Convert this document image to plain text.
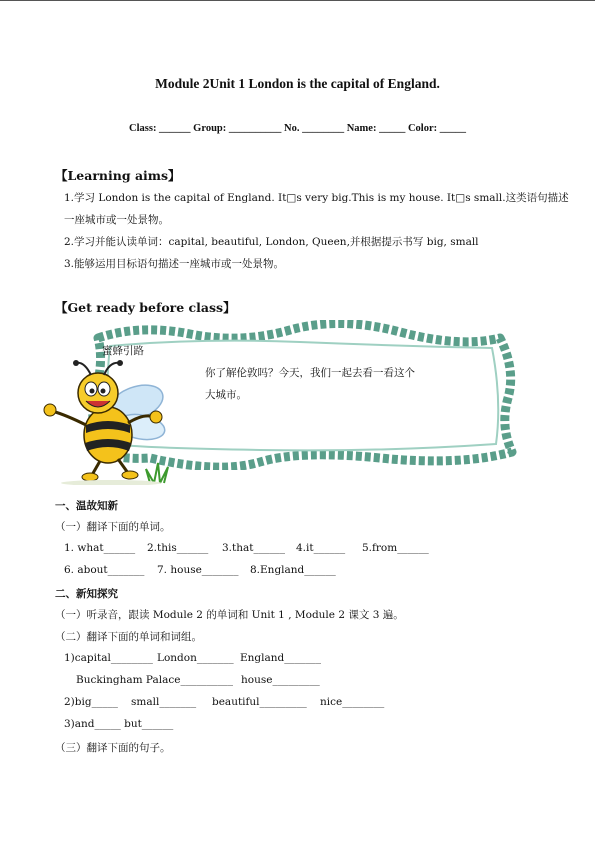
Module 2Unit 1 London is the capital of England.
Class: ______ Group: __________ No. ________ Name: _____ Color: _____
【Learning aims】
1.学习 London is the capital of England. It□s very big.This is my house. It□s small.这类语句描述
一座城市或一处景物。
2.学习并能认读单词：capital, beautiful, London, Queen,并根据提示书写 big, small
3.能够运用目标语句描述一座城市或一处景物。
【Get ready before class】
蜜蜂引路
你了解伦敦吗？今天，我们一起去看一看这个
大城市。
一、温故知新
（一）翻译下面的单词。
1. what______ 2.this______ 3.that______ 4.it______ 5.from______
6. about_______ 7. house_______ 8.England______
二、新知探究
（一）听录音，跟读 Module 2 的单词和 Unit 1 , Module 2 课文 3 遍。
（二）翻译下面的单词和词组。
1)capital________ London_______ England_______
Buckingham Palace__________ house_________
2)big_____ small_______ beautiful_________ nice________
3)and_____ but______
（三）翻译下面的句子。
